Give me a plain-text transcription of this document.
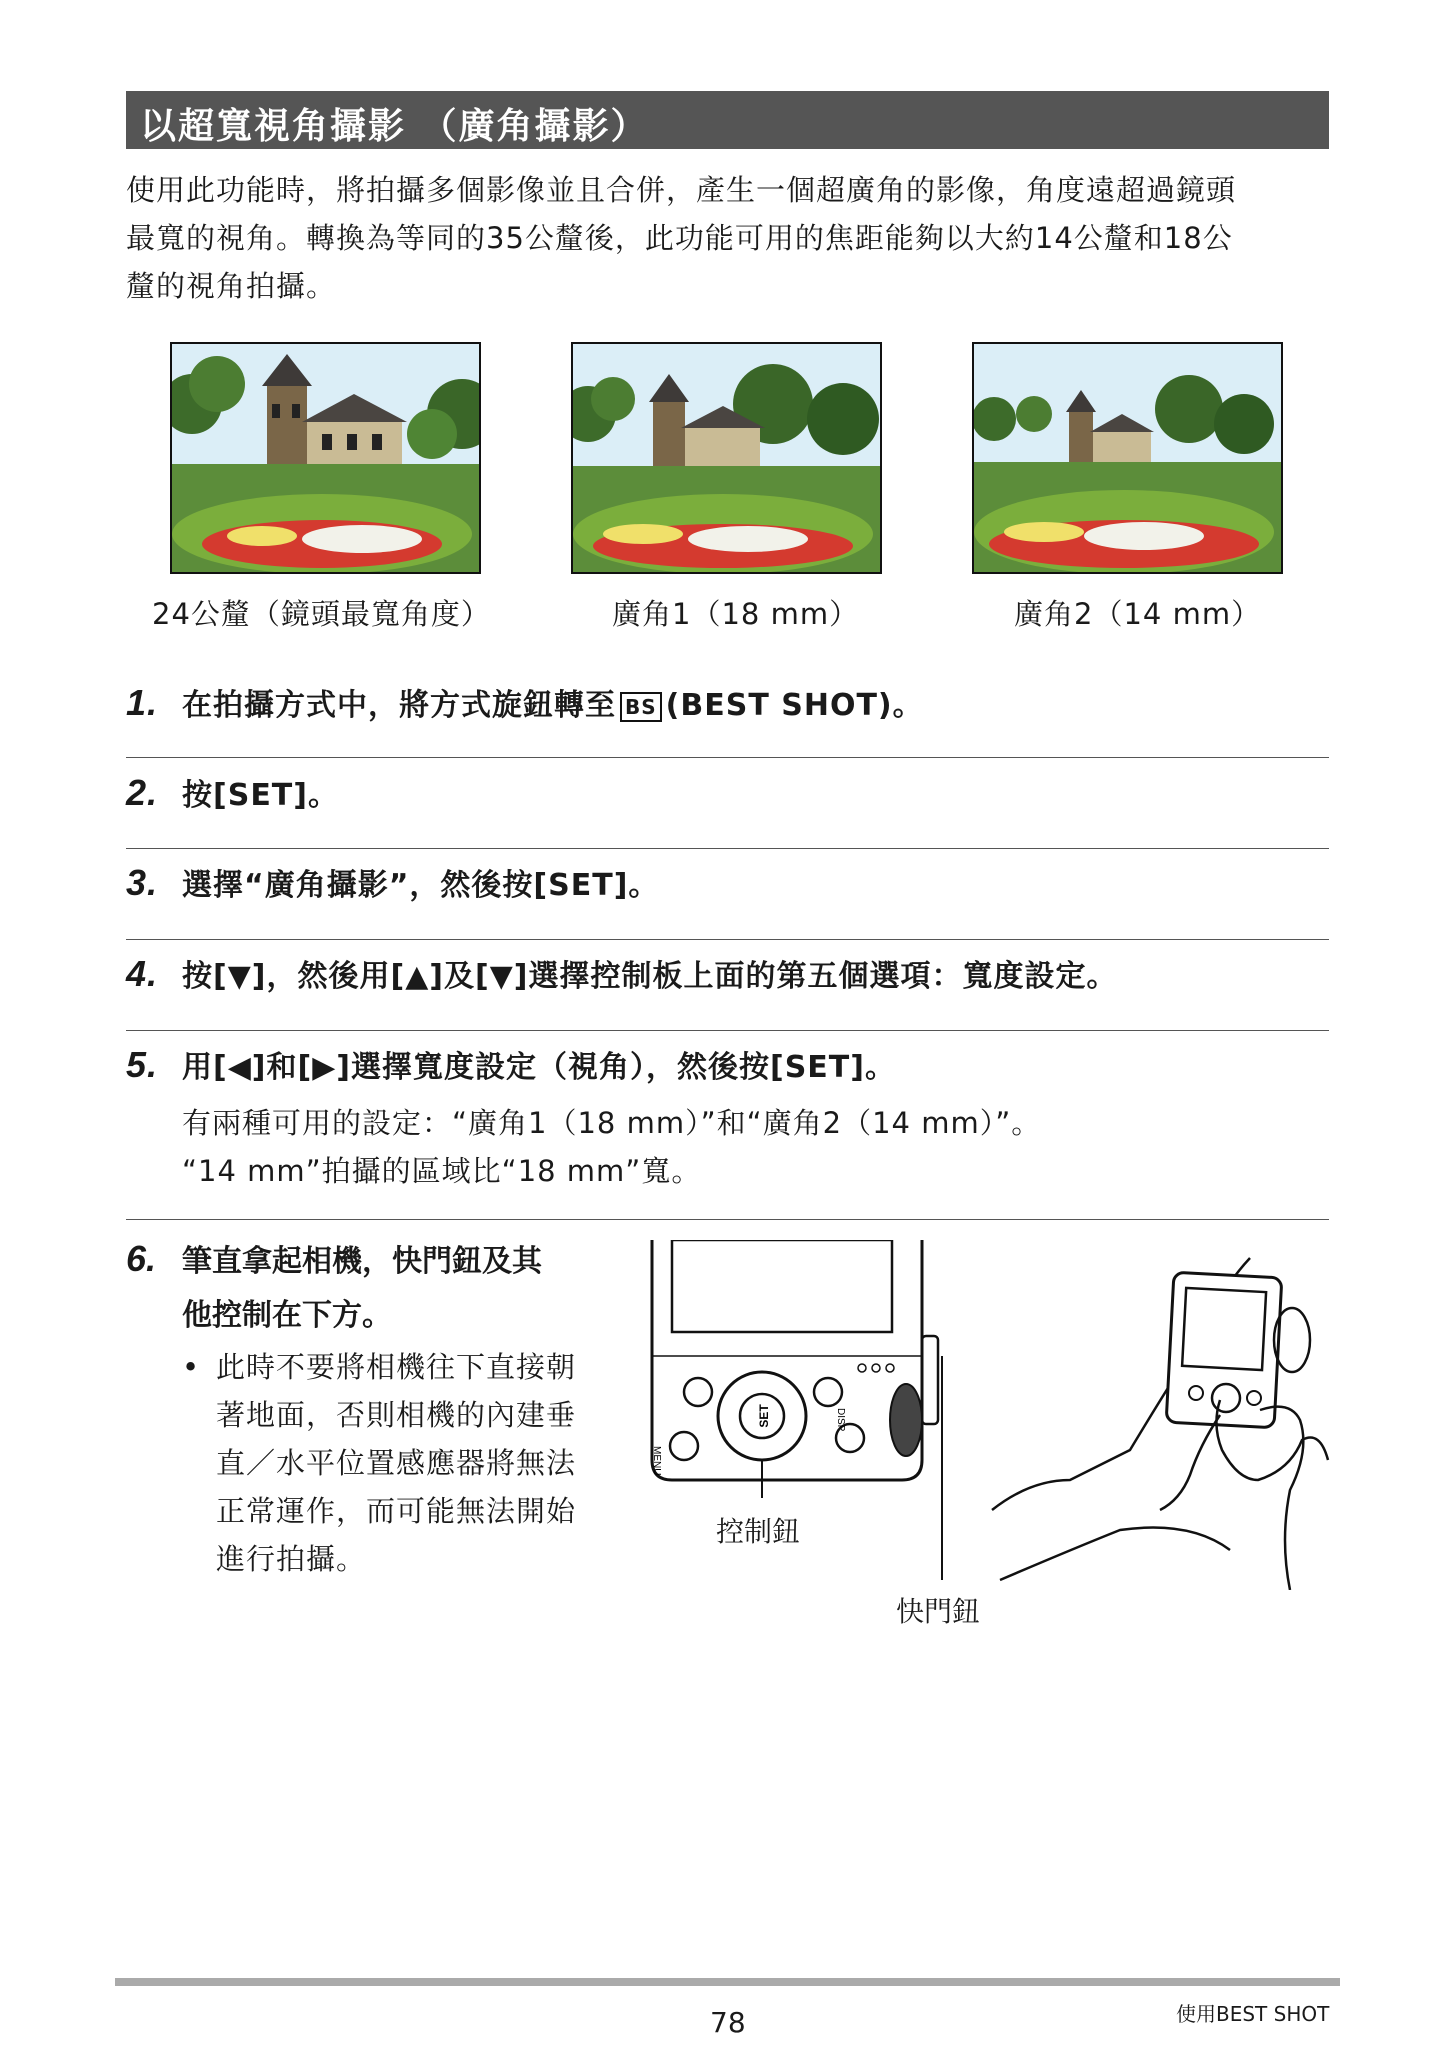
以超寬視角攝影 （廣角攝影）
使用此功能時，將拍攝多個影像並且合併，產生一個超廣角的影像，角度遠超過鏡頭
最寬的視角。轉換為等同的35公釐後，此功能可用的焦距能夠以大約14公釐和18公
釐的視角拍攝。
24公釐（鏡頭最寬角度）	廣角1（18 mm）	廣角2（14 mm）
1. 在拍攝方式中，將方式旋鈕轉至 BS (BEST SHOT)。
2. 按[SET]。
3. 選擇“廣角攝影”，然後按[SET]。
4. 按[▼]，然後用[▲]及[▼]選擇控制板上面的第五個選項：寬度設定。
5. 用[◀]和[▶]選擇寬度設定（視角），然後按[SET]。
有兩種可用的設定：“廣角1（18 mm）”和“廣角2（14 mm）”。
“14 mm”拍攝的區域比“18 mm”寬。
6. 筆直拿起相機，快門鈕及其
他控制在下方。
• 此時不要將相機往下直接朝
著地面，否則相機的內建垂
直／水平位置感應器將無法
正常運作，而可能無法開始
進行拍攝。
SET
MENU
DISP
控制鈕
快門鈕
78	使用BEST SHOT
